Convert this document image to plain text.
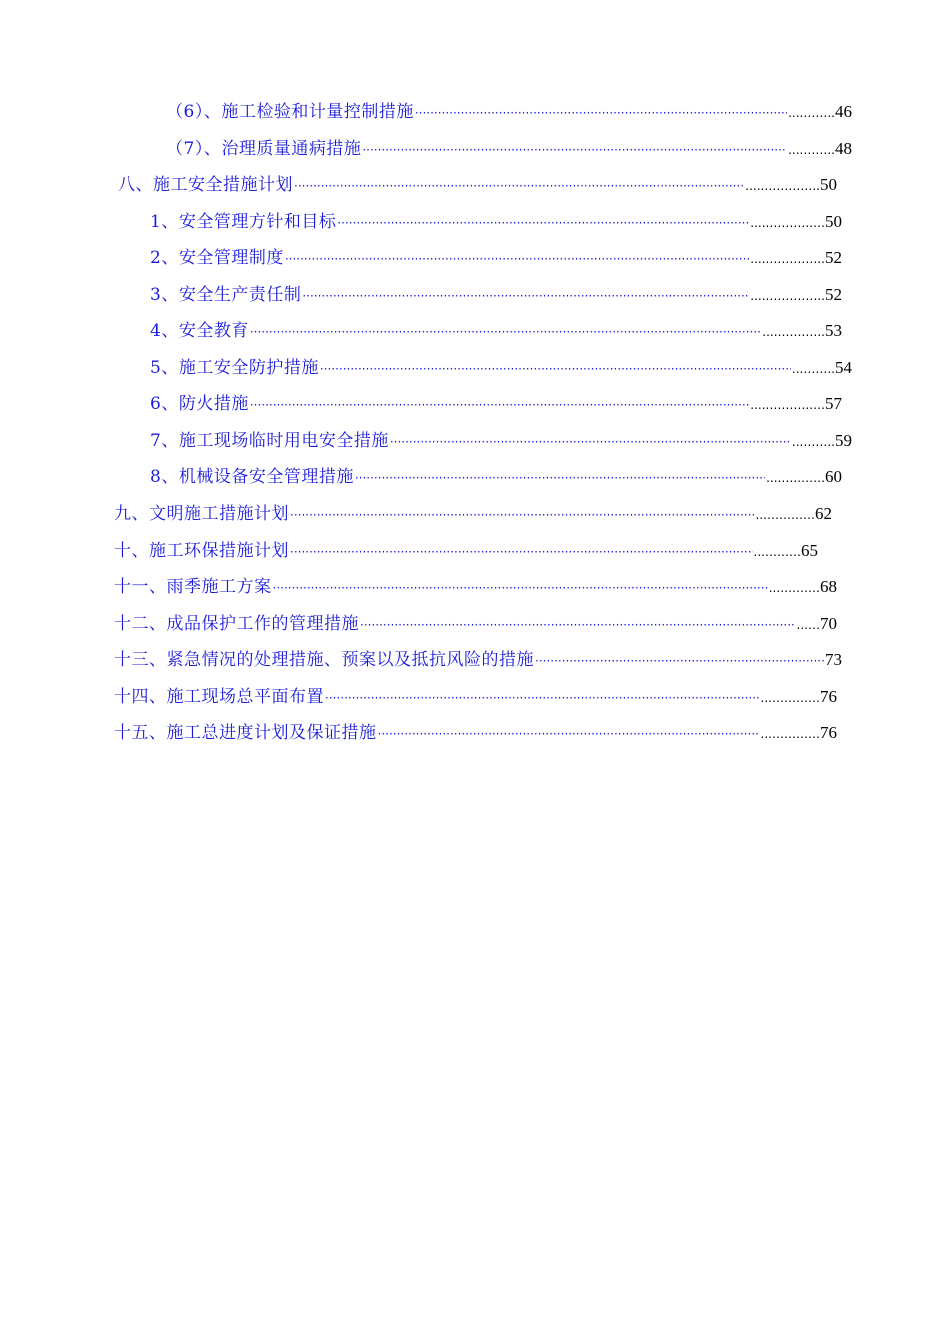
（6）、施工检验和计量控制措施 ·····	....……..46
（7）、治理质量通病措施 ·····	....……..48
八、施工安全措施计划 ·····	.....…………..50
1、安全管理方针和目标 ·····	.....……….….50
2、安全管理制度 ·····	.....…………..52
3、安全生产责任制 ·····	.....…………..52
4、安全教育 ·····	....…….…..53
5、施工安全防护措施 ·····	...……..54
6、防火措施 ·····	.....……….….57
7、施工现场临时用电安全措施 ·····	...……..59
8、机械设备安全管理措施 ·····	....….…….60
九、文明施工措施计划 ·····	...…………62
十、施工环保措施计划 ·····	...………65
十一、雨季施工方案 ·····	...….……68
十二、成品保护工作的管理措施 ·····	...…70
十三、紧急情况的处理措施、预案以及抵抗风险的措施 ·····	73
十四、施工现场总平面布置 ·····	...…………76
十五、施工总进度计划及保证措施 ·····	...…………76
